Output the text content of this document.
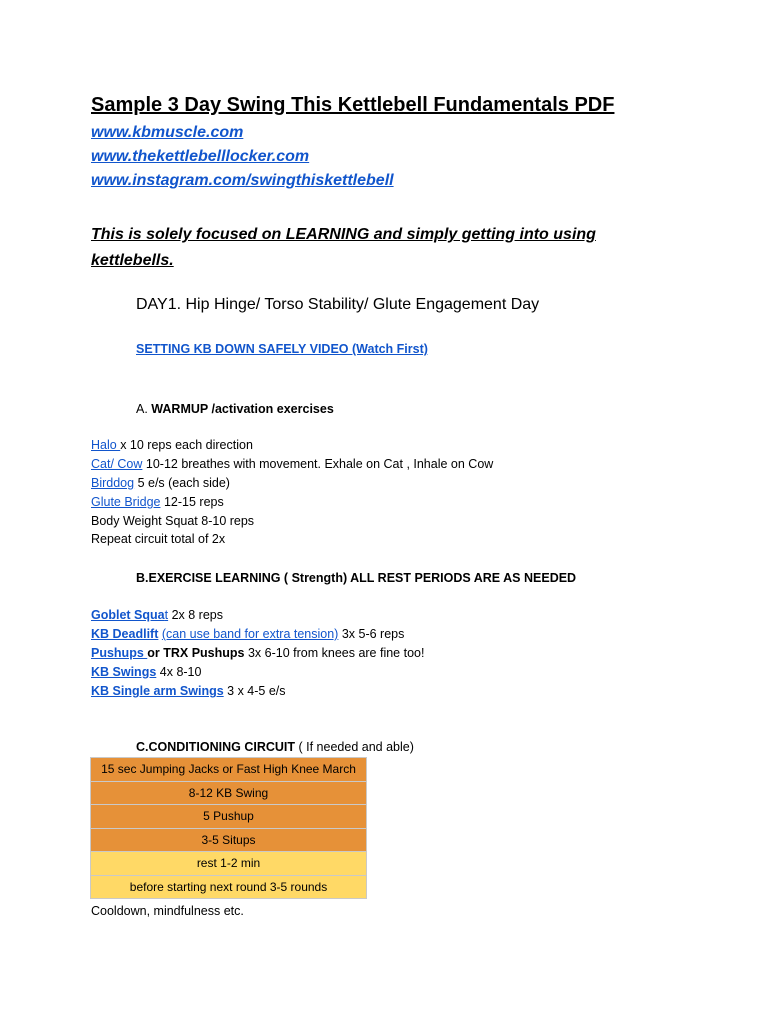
Sample 3 Day Swing This Kettlebell Fundamentals PDF
www.kbmuscle.com
www.thekettlebelllocker.com
www.instagram.com/swingthiskettlebell
This is solely focused on LEARNING and simply getting into using kettlebells.
DAY1. Hip Hinge/ Torso Stability/ Glute Engagement Day
SETTING KB DOWN SAFELY VIDEO (Watch First)
A. WARMUP /activation exercises
Halo x 10 reps each direction
Cat/ Cow 10-12 breathes with movement. Exhale on Cat , Inhale on Cow
Birddog 5 e/s (each side)
Glute Bridge 12-15 reps
Body Weight Squat 8-10 reps
Repeat circuit total of 2x
B.EXERCISE LEARNING ( Strength) ALL REST PERIODS ARE AS NEEDED
Goblet Squat 2x 8 reps
KB Deadlift (can use band for extra tension) 3x 5-6 reps
Pushups or TRX Pushups 3x 6-10 from knees are fine too!
KB Swings 4x 8-10
KB Single arm Swings 3 x 4-5 e/s
C.CONDITIONING CIRCUIT ( If needed and able)
15 sec Jumping Jacks or Fast High Knee March
8-12 KB Swing
5 Pushup
3-5 Situps
rest 1-2 min
before starting next round 3-5 rounds
Cooldown, mindfulness etc.
